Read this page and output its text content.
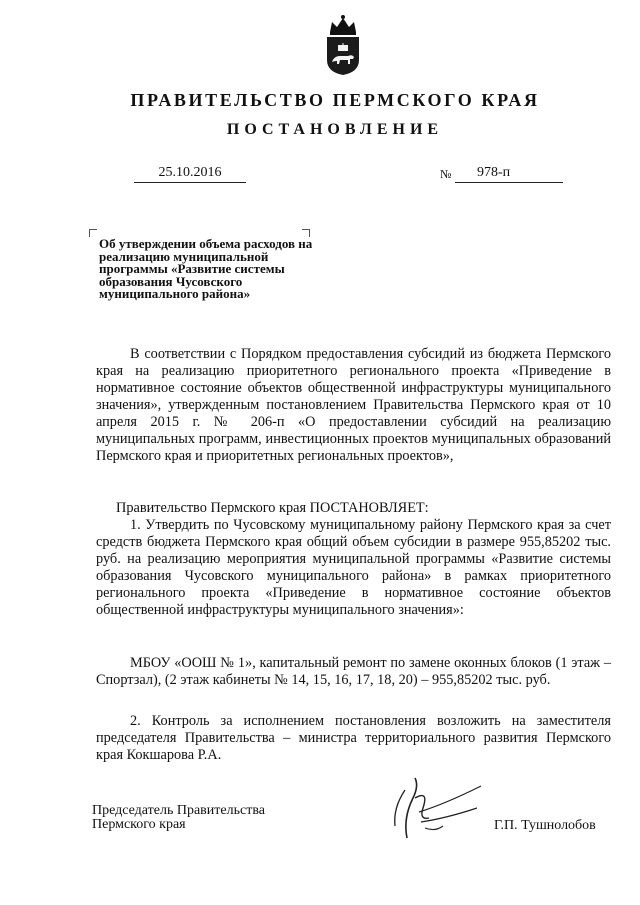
ПРАВИТЕЛЬСТВО ПЕРМСКОГО КРАЯ
ПОСТАНОВЛЕНИЕ
25.10.2016	№ 978-п
Об утверждении объема расходов на реализацию муниципальной программы «Развитие системы образования Чусовского муниципального района»
В соответствии с Порядком предоставления субсидий из бюджета Пермского края на реализацию приоритетного регионального проекта «Приведение в нормативное состояние объектов общественной инфраструктуры муниципального значения», утвержденным постановлением Правительства Пермского края от 10 апреля 2015 г. № 206-п «О предоставлении субсидий на реализацию муниципальных программ, инвестиционных проектов муниципальных образований Пермского края и приоритетных региональных проектов»,
Правительство Пермского края ПОСТАНОВЛЯЕТ:
1. Утвердить по Чусовскому муниципальному району Пермского края за счет средств бюджета Пермского края общий объем субсидии в размере 955,85202 тыс. руб. на реализацию мероприятия муниципальной программы «Развитие системы образования Чусовского муниципального района» в рамках приоритетного регионального проекта «Приведение в нормативное состояние объектов общественной инфраструктуры муниципального значения»:
МБОУ «ООШ № 1», капитальный ремонт по замене оконных блоков (1 этаж – Спортзал), (2 этаж кабинеты № 14, 15, 16, 17, 18, 20) – 955,85202 тыс. руб.
2. Контроль за исполнением постановления возложить на заместителя председателя Правительства – министра территориального развития Пермского края Кокшарова Р.А.
Председатель Правительства
Пермского края	Г.П. Тушнолобов
